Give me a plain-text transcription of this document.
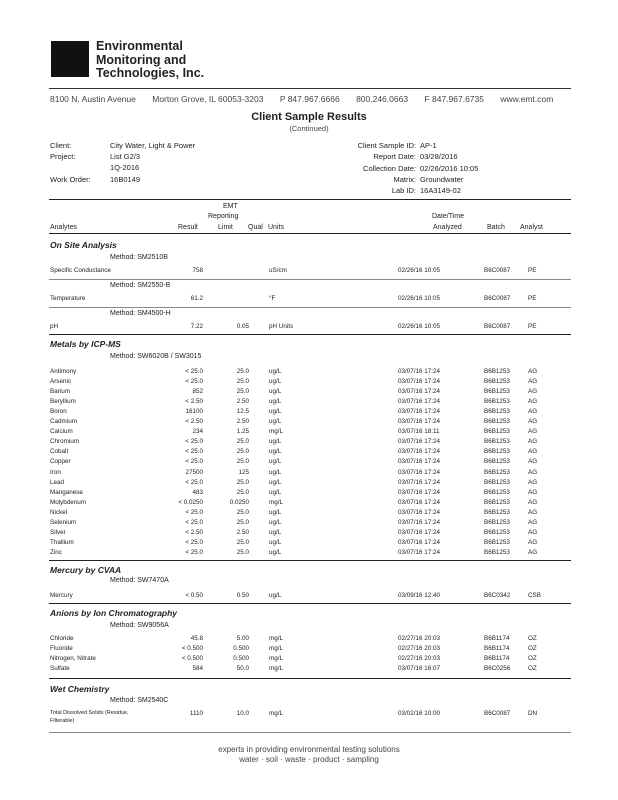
Environmental
Monitoring and
Technologies, Inc.
8100 N. Austin Avenue Morton Grove, IL 60053-3203 P 847.967.6666 800.246.0663 F 847.967.6735 www.emt.com
Client Sample Results
(Continued)
Client:	City Water, Light & Power
Project:	List G2/3
1Q-2016
Work Order:	16B0149
Client Sample ID: AP-1
Report Date: 03/28/2016
Collection Date: 02/26/2016 10:05
Matrix: Groundwater
Lab ID: 16A3149-02
EMT
Reporting	Date/Time
Analytes	Result	Limit Qual Units	Analyzed	Batch Analyst
On Site Analysis
Method: SM2510B
Specific Conductance	758	uS/cm	02/26/16 10:05	B6C0087	PE
Method: SM2550-B
Temperature	61.2	°F	02/26/16 10:05	B6C0087	PE
Method: SM4500-H
pH	7.22	0.05	pH Units	02/26/16 10:05	B6C0087	PE
Metals by ICP-MS
Method: SW6020B / SW3015
Antimony	< 25.0	25.0	ug/L	03/07/16 17:24	B6B1253	AG
Arsenic	< 25.0	25.0	ug/L	03/07/16 17:24	B6B1253	AG
Barium	852	25.0	ug/L	03/07/16 17:24	B6B1253	AG
Beryllium	< 2.50	2.50	ug/L	03/07/16 17:24	B6B1253	AG
Boron	16100	12.5	ug/L	03/07/16 17:24	B6B1253	AG
Cadmium	< 2.50	2.50	ug/L	03/07/16 17:24	B6B1253	AG
Calcium	234	1.25	mg/L	03/07/16 18:11	B6B1253	AG
Chromium	< 25.0	25.0	ug/L	03/07/16 17:24	B6B1253	AG
Cobalt	< 25.0	25.0	ug/L	03/07/16 17:24	B6B1253	AG
Copper	< 25.0	25.0	ug/L	03/07/16 17:24	B6B1253	AG
Iron	27500	125	ug/L	03/07/16 17:24	B6B1253	AG
Lead	< 25.0	25.0	ug/L	03/07/16 17:24	B6B1253	AG
Manganese	483	25.0	ug/L	03/07/16 17:24	B6B1253	AG
Molybdenum	< 0.0250	0.0250	mg/L	03/07/16 17:24	B6B1253	AG
Nickel	< 25.0	25.0	ug/L	03/07/16 17:24	B6B1253	AG
Selenium	< 25.0	25.0	ug/L	03/07/16 17:24	B6B1253	AG
Silver	< 2.50	2.50	ug/L	03/07/16 17:24	B6B1253	AG
Thallium	< 25.0	25.0	ug/L	03/07/16 17:24	B6B1253	AG
Zinc	< 25.0	25.0	ug/L	03/07/16 17:24	B6B1253	AG
Mercury by CVAA
Method: SW7470A
Mercury	< 0.50	0.50	ug/L	03/09/16 12:40	B6C0342	CSB
Anions by Ion Chromatography
Method: SW9056A
Chloride	45.8	5.00	mg/L	02/27/16 20:03	B6B1174	OZ
Fluoride	< 0.500	0.500	mg/L	02/27/16 20:03	B6B1174	OZ
Nitrogen, Nitrate	< 0.500	0.500	mg/L	02/27/16 20:03	B6B1174	OZ
Sulfate	584	50.0	mg/L	03/07/16 16:07	B6C0256	OZ
Wet Chemistry
Method: SM2540C
Total Dissolved Solids (Residue,
Filterable)
1110	10.0	mg/L	03/02/16 10:00	B6C0087	DN
experts in providing environmental testing solutions
water · soil · waste · product · sampling
